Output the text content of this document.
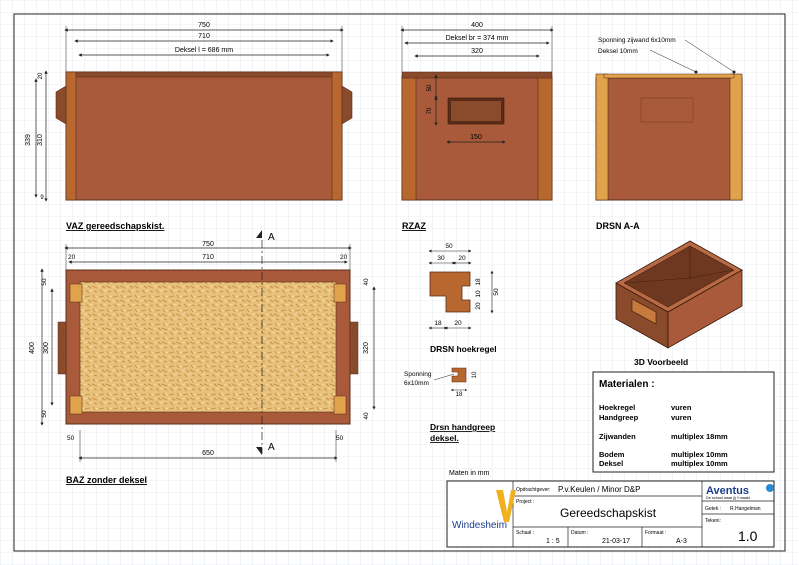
750
710
Deksel l = 686 mm
339 310
20
9
VAZ gereedschapskist.
400
Deksel br = 374 mm
320
150
50
70
RZAZ
Sponning zijwand 6x10mm
Deksel 10mm
DRSN A-A
A
A
750
710
20	20
400 300
50
50
320
40
40
650
50	50
BAZ zonder deksel
50
30 20
50
18
10
20
18 20
DRSN hoekregel
Sponning
6x10mm
10
18
Drsn handgreep
deksel.
3D Voorbeeld
Materialen :
Hoekregel	vuren
Handgreep	vuren
Zijwanden	multiplex 18mm
Bodem	multiplex 10mm
Deksel	multiplex 10mm
Maten in mm
Windesheim
Opdrachtgever: P.v.Keulen / Minor D&P
Project :
Gereedschapskist
Schaal :
1 : 5
Datum :
21-03-17
Formaat :
A-3
Aventus
De school waar jij 't maakt
Getek : R.Hangelman
Tekeni:
1.0
